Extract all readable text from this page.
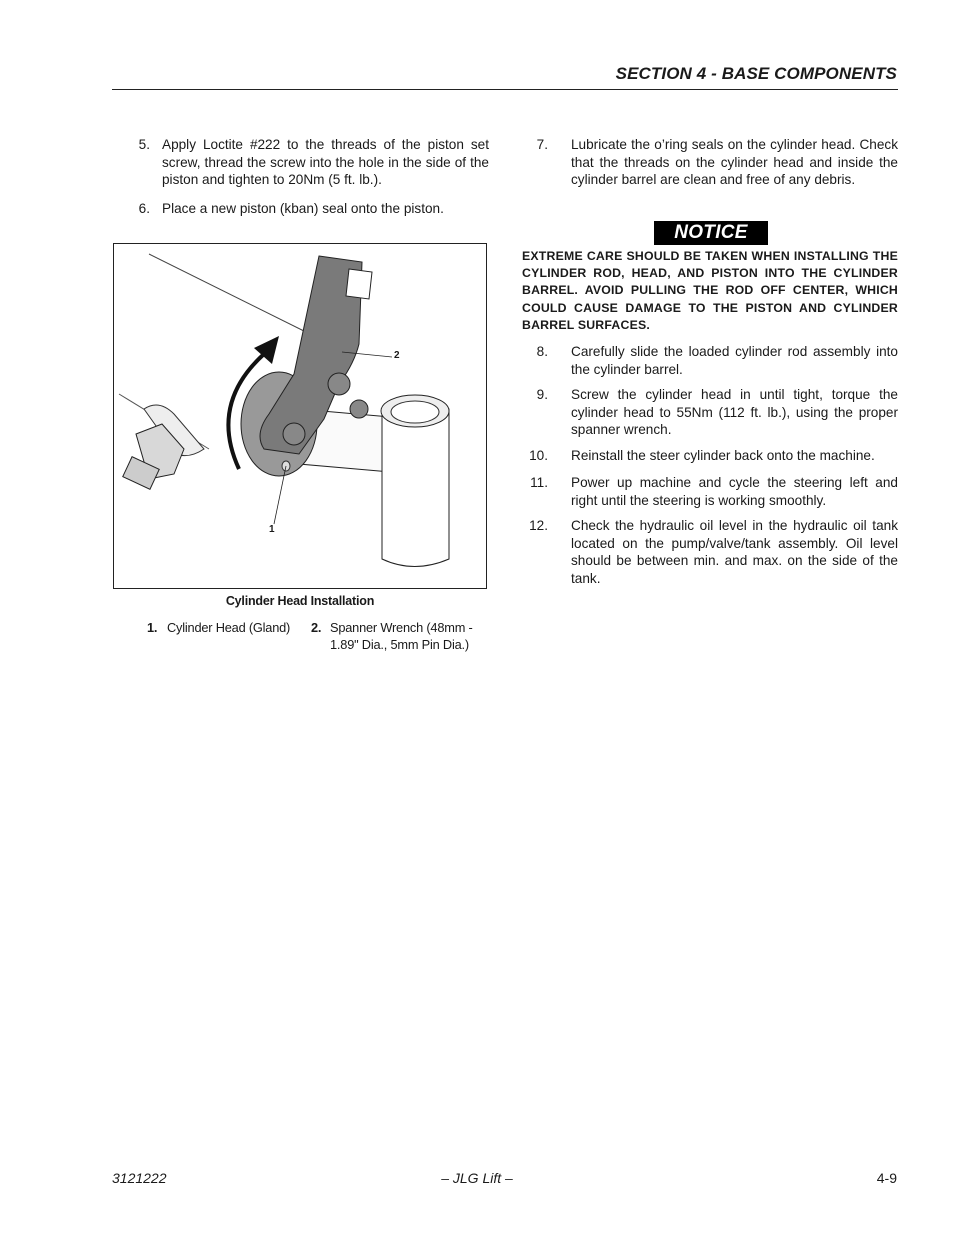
SECTION 4 - BASE COMPONENTS
5. Apply Loctite #222 to the threads of the piston set screw, thread the screw into the hole in the side of the piston and tighten to 20Nm (5 ft. lb.).
6. Place a new piston (kban) seal onto the piston.
2
1
Cylinder Head Installation
1. Cylinder Head (Gland) 2. Spanner Wrench (48mm - 1.89" Dia., 5mm Pin Dia.)
7. Lubricate the o’ring seals on the cylinder head. Check that the threads on the cylinder head and inside the cylinder barrel are clean and free of any debris.
NOTICE
EXTREME CARE SHOULD BE TAKEN WHEN INSTALLING THE CYLINDER ROD, HEAD, AND PISTON INTO THE CYLINDER BARREL. AVOID PULLING THE ROD OFF CENTER, WHICH COULD CAUSE DAMAGE TO THE PISTON AND CYLINDER BARREL SURFACES.
8. Carefully slide the loaded cylinder rod assembly into the cylinder barrel.
9. Screw the cylinder head in until tight, torque the cylinder head to 55Nm (112 ft. lb.), using the proper spanner wrench.
10. Reinstall the steer cylinder back onto the machine.
11. Power up machine and cycle the steering left and right until the steering is working smoothly.
12. Check the hydraulic oil level in the hydraulic oil tank located on the pump/valve/tank assembly. Oil level should be between min. and max. on the side of the tank.
3121222	– JLG Lift –	4-9
